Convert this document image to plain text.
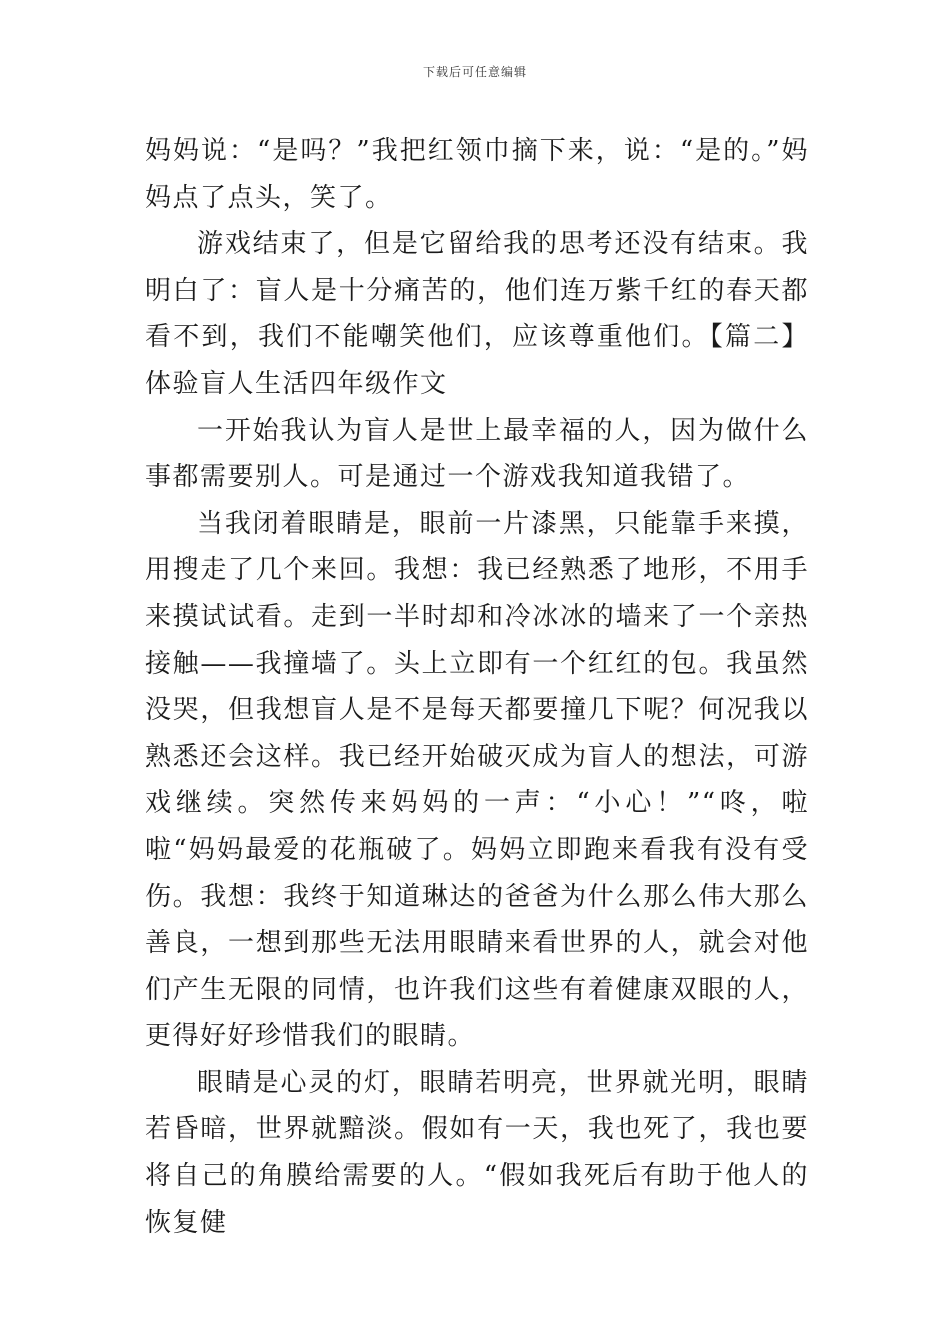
下载后可任意编辑

妈妈说：“是吗？”我把红领巾摘下来，说：“是的。”妈妈点了点头，笑了。

游戏结束了，但是它留给我的思考还没有结束。我明白了：盲人是十分痛苦的，他们连万紫千红的春天都看不到，我们不能嘲笑他们，应该尊重他们。【篇二】体验盲人生活四年级作文

一开始我认为盲人是世上最幸福的人，因为做什么事都需要别人。可是通过一个游戏我知道我错了。

当我闭着眼睛是，眼前一片漆黑，只能靠手来摸，用搜走了几个来回。我想：我已经熟悉了地形，不用手来摸试试看。走到一半时却和冷冰冰的墙来了一个亲热接触——我撞墙了。头上立即有一个红红的包。我虽然没哭，但我想盲人是不是每天都要撞几下呢？何况我以熟悉还会这样。我已经开始破灭成为盲人的想法，可游戏继续。突然传来妈妈的一声：“小心！”“咚，啦啦“妈妈最爱的花瓶破了。妈妈立即跑来看我有没有受伤。我想：我终于知道琳达的爸爸为什么那么伟大那么善良，一想到那些无法用眼睛来看世界的人，就会对他们产生无限的同情，也许我们这些有着健康双眼的人，更得好好珍惜我们的眼睛。

眼睛是心灵的灯，眼睛若明亮，世界就光明，眼睛若昏暗，世界就黯淡。假如有一天，我也死了，我也要将自己的角膜给需要的人。“假如我死后有助于他人的恢复健
